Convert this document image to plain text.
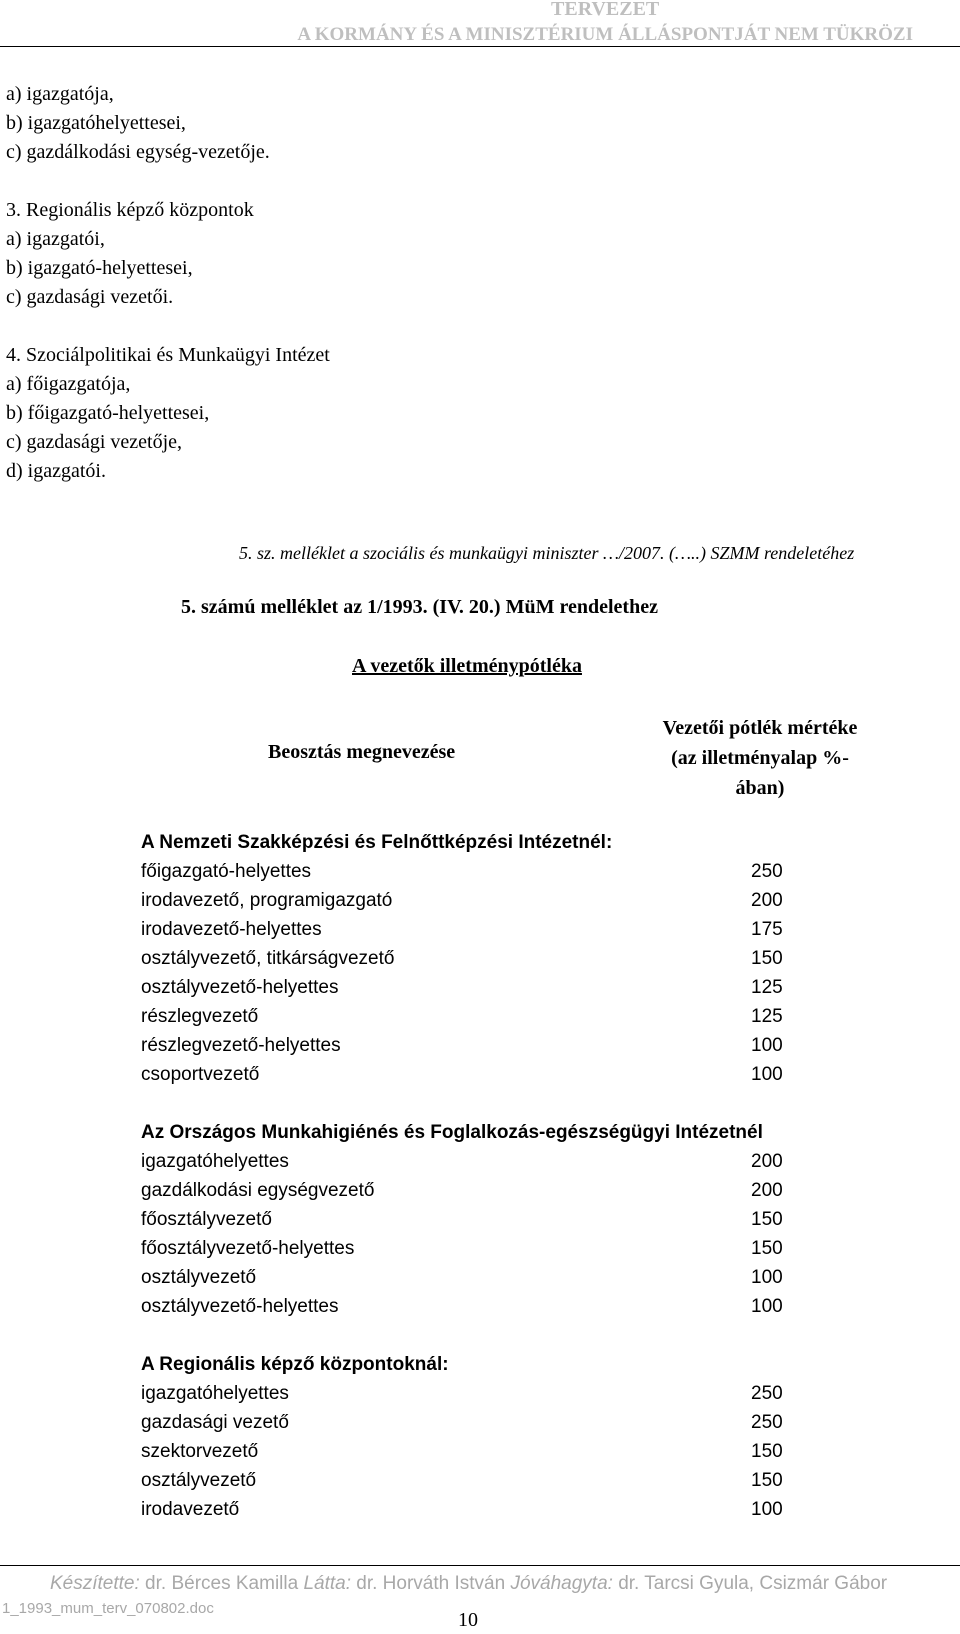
TERVEZET
A KORMÁNY ÉS A MINISZTÉRIUM ÁLLÁSPONTJÁT NEM TÜKRÖZI
a) igazgatója,
b) igazgatóhelyettesei,
c) gazdálkodási egység-vezetője.
3. Regionális képző központok
a) igazgatói,
b) igazgató-helyettesei,
c) gazdasági vezetői.
4. Szociálpolitikai és Munkaügyi Intézet
a) főigazgatója,
b) főigazgató-helyettesei,
c) gazdasági vezetője,
d) igazgatói.
5. sz. melléklet a szociális és munkaügyi miniszter …/2007. (…..) SZMM rendeletéhez
5. számú melléklet az 1/1993. (IV. 20.) MüM rendelethez
A vezetők illetménypótléka
Beosztás megnevezése
Vezetői pótlék mértéke
(az illetményalap %-
ában)
A Nemzeti Szakképzési és Felnőttképzési Intézetnél:
főigazgató-helyettes	250
irodavezető, programigazgató	200
irodavezető-helyettes	175
osztályvezető, titkárságvezető	150
osztályvezető-helyettes	125
részlegvezető	125
részlegvezető-helyettes	100
csoportvezető	100
Az Országos Munkahigiénés és Foglalkozás-egészségügyi Intézetnél
igazgatóhelyettes	200
gazdálkodási egységvezető	200
főosztályvezető	150
főosztályvezető-helyettes	150
osztályvezető	100
osztályvezető-helyettes	100
A Regionális képző központoknál:
igazgatóhelyettes	250
gazdasági vezető	250
szektorvezető	150
osztályvezető	150
irodavezető	100
Készítette: dr. Bérces Kamilla Látta: dr. Horváth István Jóváhagyta: dr. Tarcsi Gyula, Csizmár Gábor
1_1993_mum_terv_070802.doc
10
